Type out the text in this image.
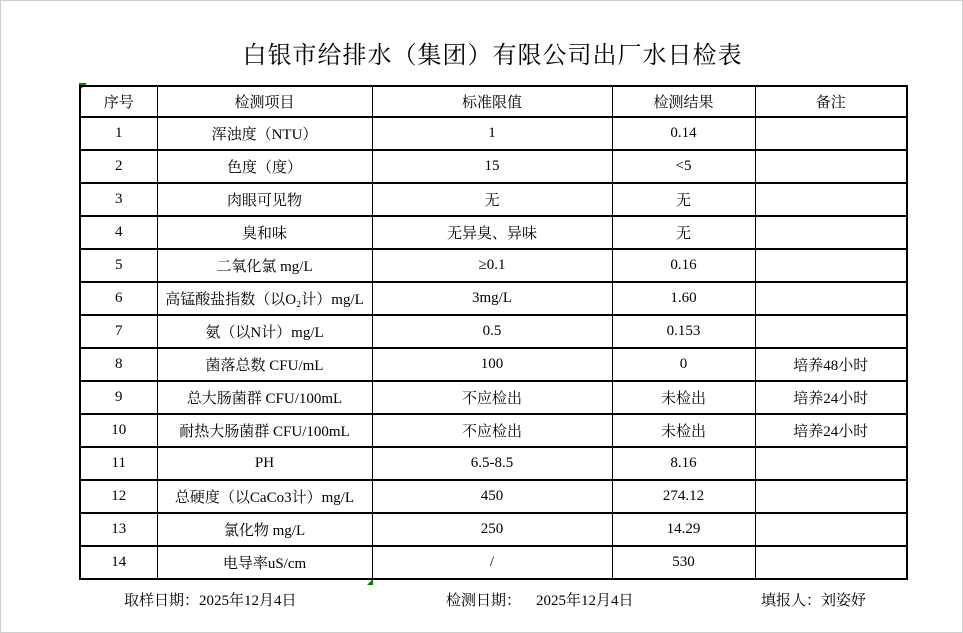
白银市给排水（集团）有限公司出厂水日检表
序号	检测项目	标准限值	检测结果	备注
1	浑浊度（NTU）	1	0.14	
2	色度（度）	15	<5	
3	肉眼可见物	无	无	
4	臭和味	无异臭、异味	无	
5	二氧化氯 mg/L	≥0.1	0.16	
6	高锰酸盐指数（以O₂计）mg/L	3mg/L	1.60	
7	氨（以N计）mg/L	0.5	0.153	
8	菌落总数 CFU/mL	100	0	培养48小时
9	总大肠菌群 CFU/100mL	不应检出	未检出	培养24小时
10	耐热大肠菌群 CFU/100mL	不应检出	未检出	培养24小时
11	PH	6.5-8.5	8.16	
12	总硬度（以CaCo3计）mg/L	450	274.12	
13	氯化物 mg/L	250	14.29	
14	电导率uS/cm	/	530	
取样日期：2025年12月4日	检测日期： 2025年12月4日	填报人：刘姿妤
